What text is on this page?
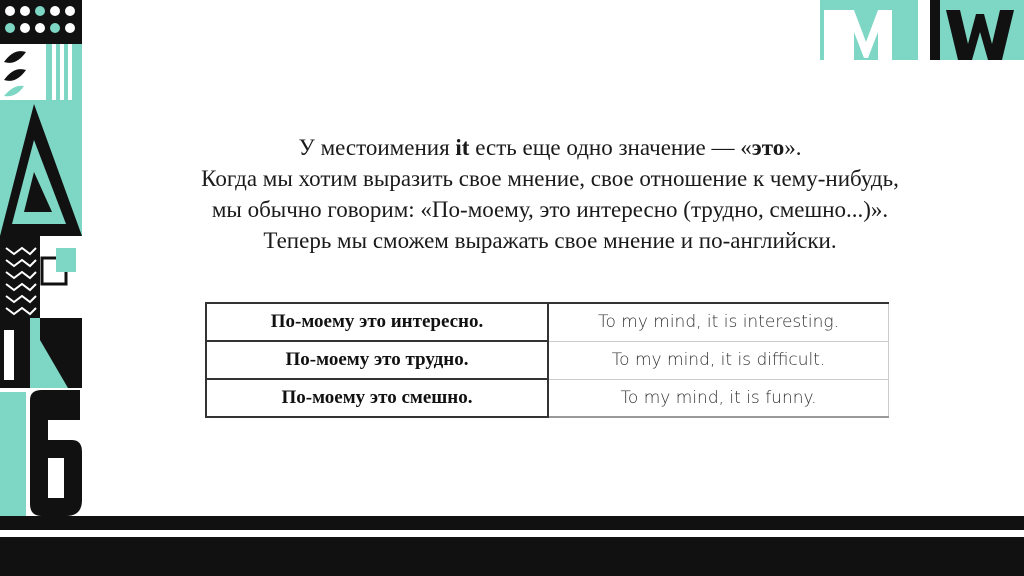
У местоимения it есть еще одно значение — «это».

Когда мы хотим выразить свое мнение, свое отношение к чему-нибудь,

мы обычно говорим: «По-моему, это интересно (трудно, смешно...)».

Теперь мы сможем выражать свое мнение и по-английски.

По-моему это интересно.	To my mind, it is interesting.
По-моему это трудно.	To my mind, it is difficult.
По-моему это смешно.	To my mind, it is funny.
